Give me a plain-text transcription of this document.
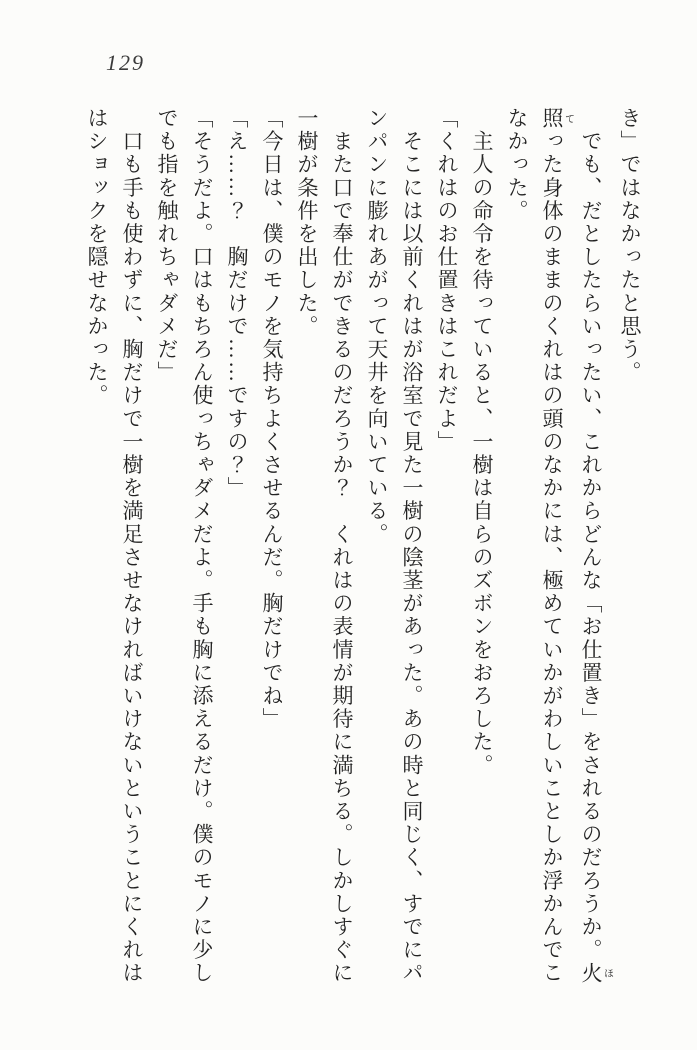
129
き」ではなかったと思う。
　でも、だとしたらいったい、これからどんな「お仕置き」をされるのだろうか。火ほ
照てった身体のままのくれはの頭のなかには、極めていかがわしいことしか浮かんでこ
なかった。
　主人の命令を待っていると、一樹は自らのズボンをおろした。
「くれはのお仕置きはこれだよ」
　そこには以前くれはが浴室で見た一樹の陰茎があった。あの時と同じく、すでにパ
ンパンに膨れあがって天井を向いている。
　また口で奉仕ができるのだろうか？　くれはの表情が期待に満ちる。しかしすぐに
一樹が条件を出した。
「今日は、僕のモノを気持ちよくさせるんだ。胸だけでね」
「え……？　胸だけで……ですの？」
「そうだよ。口はもちろん使っちゃダメだよ。手も胸に添えるだけ。僕のモノに少し
でも指を触れちゃダメだ」
　口も手も使わずに、胸だけで一樹を満足させなければいけないということにくれは
はショックを隠せなかった。
